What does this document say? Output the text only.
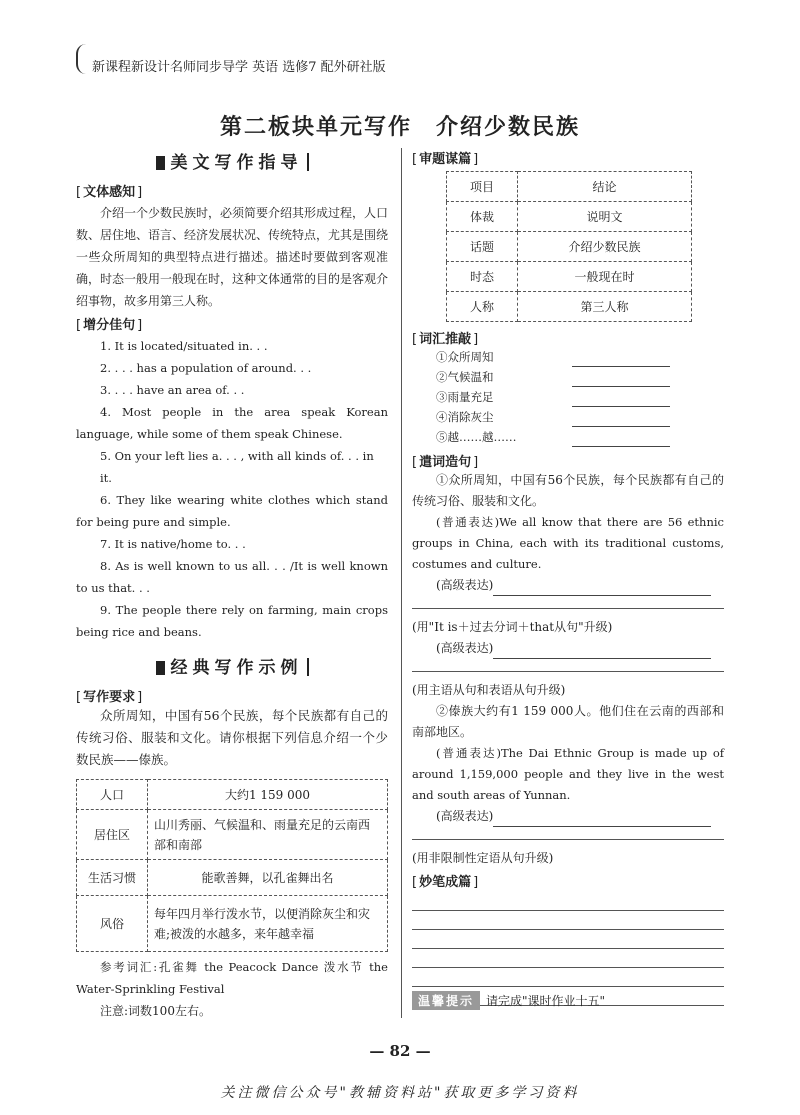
新课程新设计名师同步导学 英语 选修7 配外研社版
第二板块单元写作　介绍少数民族
美文写作指导
[ 文体感知 ]
介绍一个少数民族时，必须简要介绍其形成过程，人口数、居住地、语言、经济发展状况、传统特点，尤其是围绕一些众所周知的典型特点进行描述。描述时要做到客观准确，时态一般用一般现在时，这种文体通常的目的是客观介绍事物，故多用第三人称。
[ 增分佳句 ]
1. It is located/situated in. . .
2. . . . has a population of around. . .
3. . . . have an area of. . .
4. Most people in the area speak Korean language, while some of them speak Chinese.
5. On your left lies a. . . , with all kinds of. . . in it.
6. They like wearing white clothes which stand for being pure and simple.
7. It is native/home to. . .
8. As is well known to us all. . . /It is well known to us that. . .
9. The people there rely on farming, main crops being rice and beans.
经典写作示例
[ 写作要求 ]
众所周知，中国有56个民族，每个民族都有自己的传统习俗、服装和文化。请你根据下列信息介绍一个少数民族——傣族。
人口	大约1 159 000
居住区	山川秀丽、气候温和、雨量充足的云南西部和南部
生活习惯	能歌善舞，以孔雀舞出名
风俗	每年四月举行泼水节，以便消除灰尘和灾难;被泼的水越多，来年越幸福
参考词汇:孔雀舞 the Peacock Dance 泼水节 the Water-Sprinkling Festival
注意:词数100左右。
[ 审题谋篇 ]
项目	结论
体裁	说明文
话题	介绍少数民族
时态	一般现在时
人称	第三人称
[ 词汇推敲 ]
①众所周知
②气候温和
③雨量充足
④消除灰尘
⑤越……越……
[ 遣词造句 ]
①众所周知，中国有56个民族，每个民族都有自己的传统习俗、服装和文化。
(普通表达)We all know that there are 56 ethnic groups in China, each with its traditional customs, costumes and culture.
(高级表达)
(用"It is＋过去分词＋that从句"升级)
(高级表达)
(用主语从句和表语从句升级)
②傣族大约有1 159 000人。他们住在云南的西部和南部地区。
(普通表达)The Dai Ethnic Group is made up of around 1,159,000 people and they live in the west and south areas of Yunnan.
(高级表达)
(用非限制性定语从句升级)
[ 妙笔成篇 ]
温馨提示 请完成"课时作业十五"
— 82 —
关注微信公众号"教辅资料站"获取更多学习资料
